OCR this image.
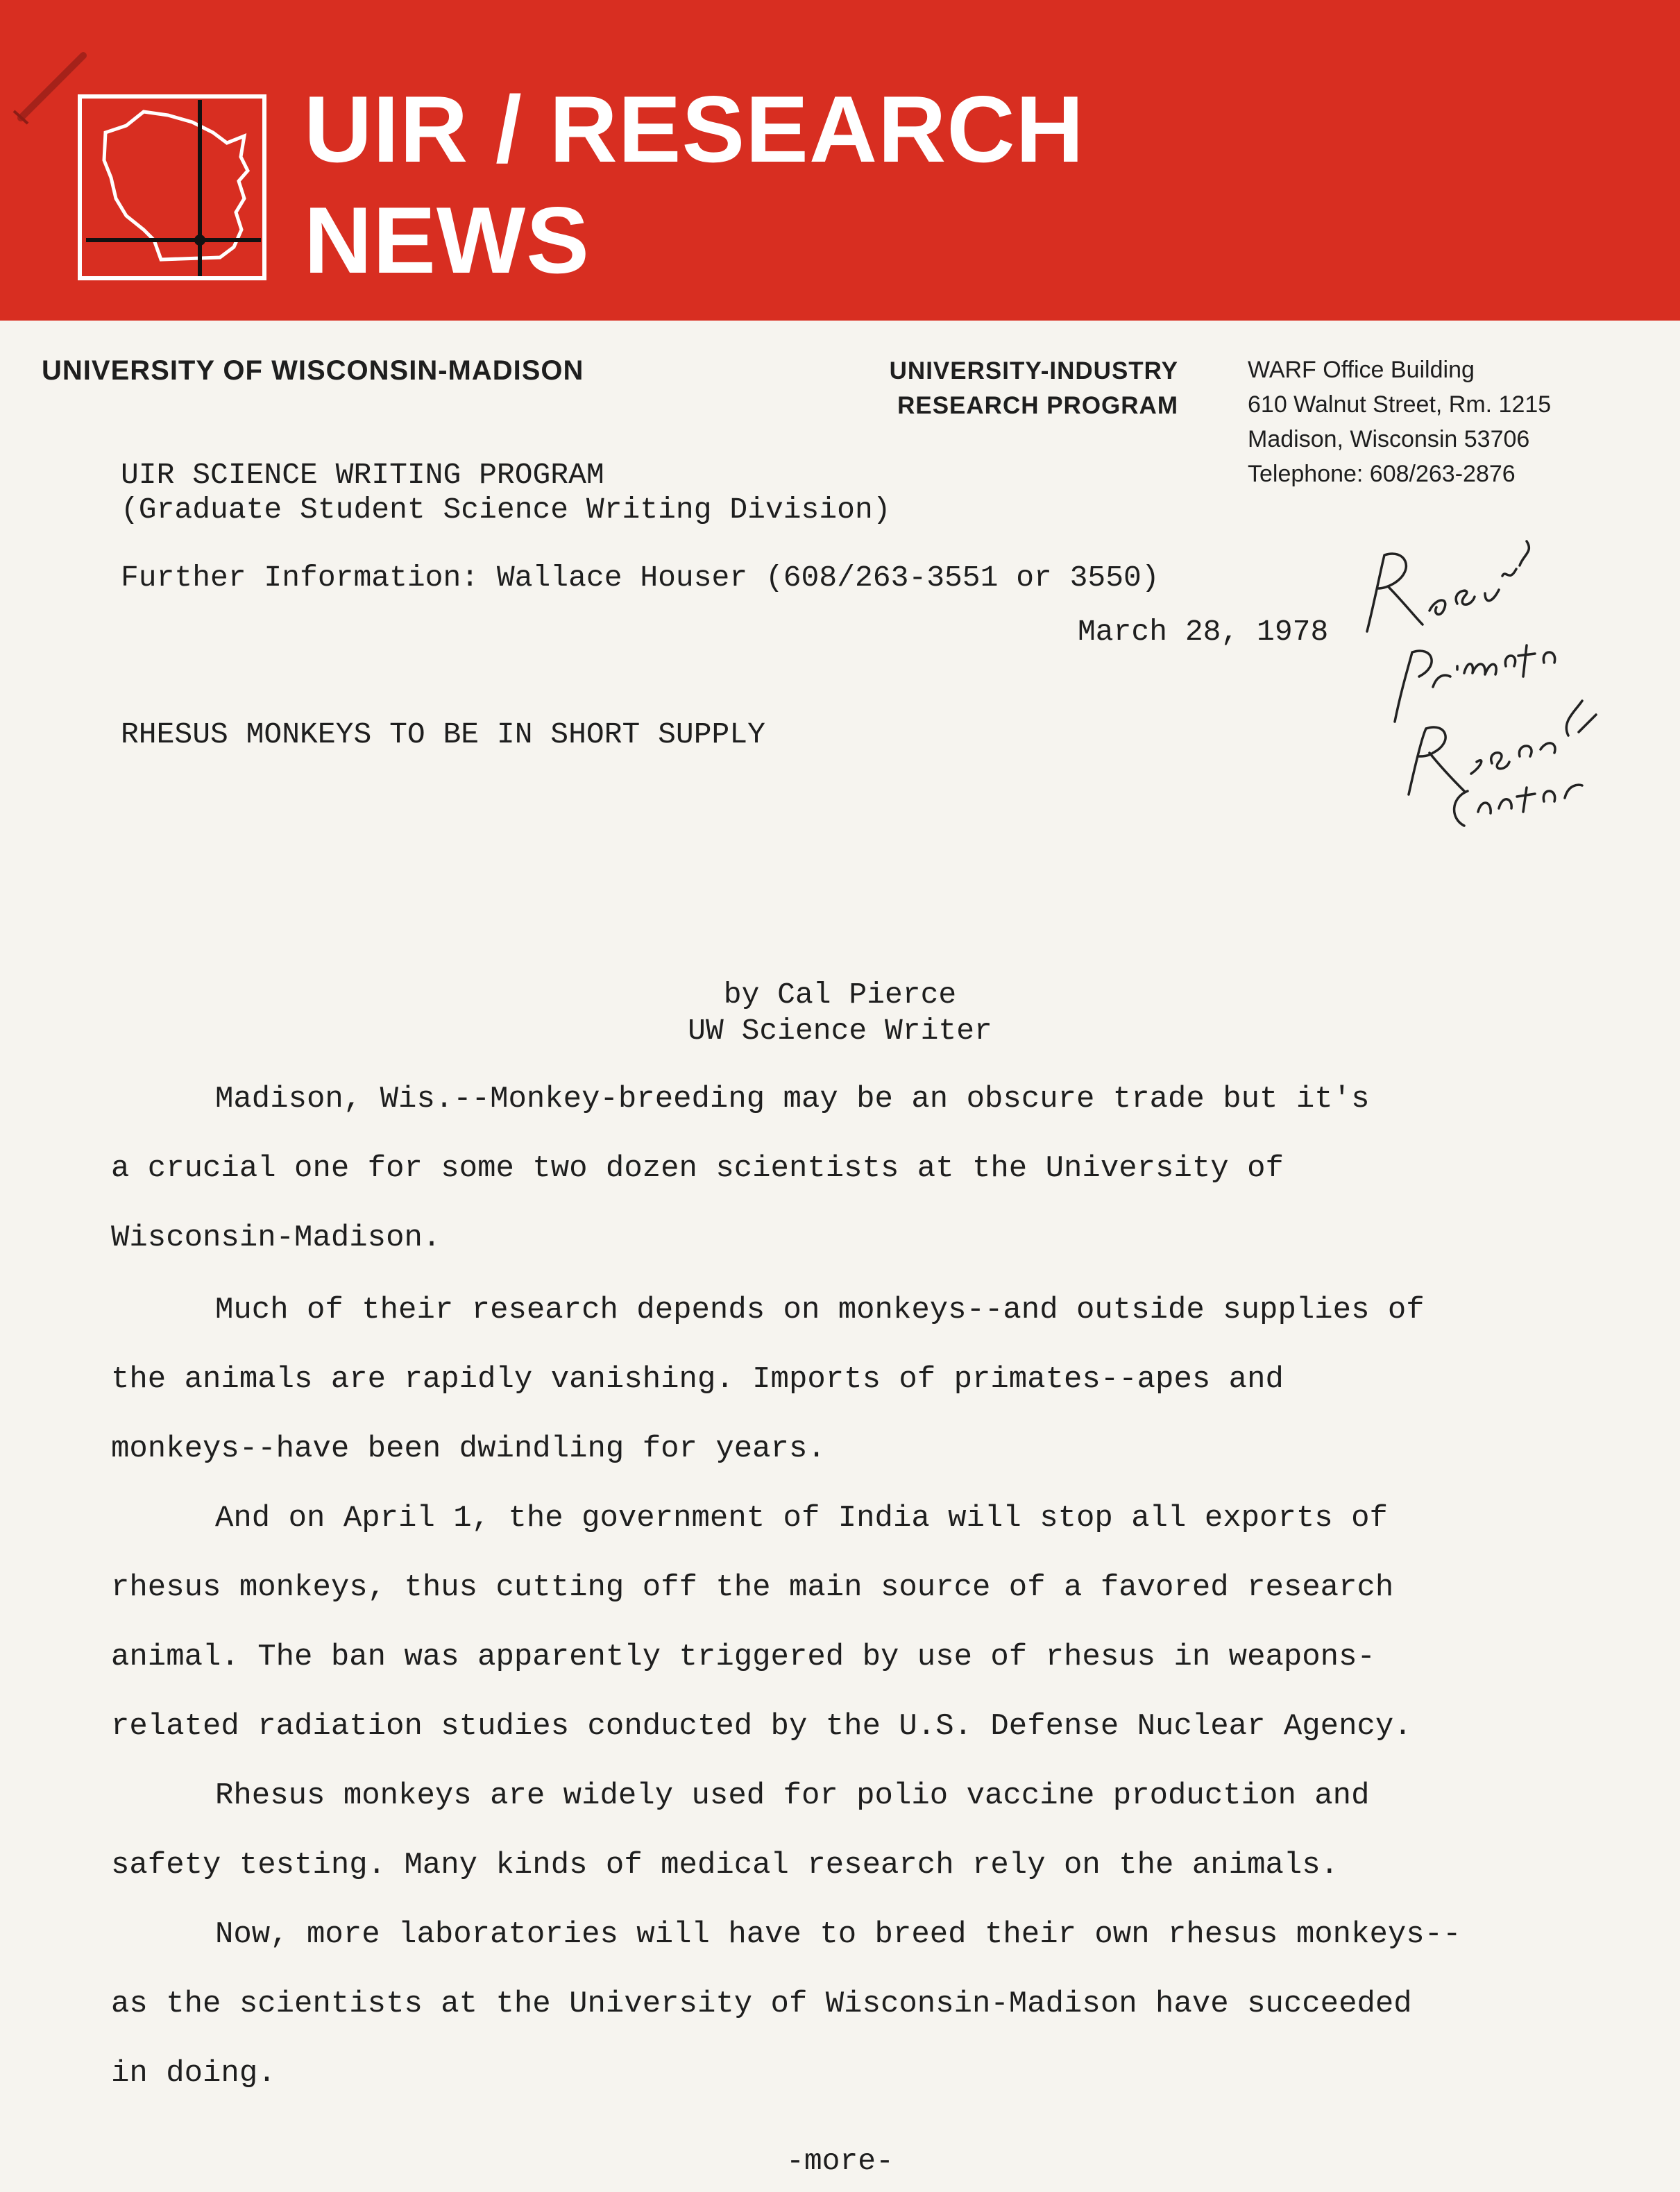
UIR / RESEARCH
NEWS
UNIVERSITY OF WISCONSIN-MADISON	UNIVERSITY-INDUSTRY
RESEARCH PROGRAM
WARF Office Building
610 Walnut Street, Rm. 1215
Madison, Wisconsin 53706
Telephone: 608/263-2876
UIR SCIENCE WRITING PROGRAM
(Graduate Student Science Writing Division)
Further Information: Wallace Houser (608/263-3551 or 3550)
March 28, 1978
RHESUS MONKEYS TO BE IN SHORT SUPPLY
by Cal Pierce
UW Science Writer
Madison, Wis.--Monkey-breeding may be an obscure trade but it's
a crucial one for some two dozen scientists at the University of
Wisconsin-Madison.
Much of their research depends on monkeys--and outside supplies of
the animals are rapidly vanishing. Imports of primates--apes and
monkeys--have been dwindling for years.
And on April 1, the government of India will stop all exports of
rhesus monkeys, thus cutting off the main source of a favored research
animal. The ban was apparently triggered by use of rhesus in weapons-
related radiation studies conducted by the U.S. Defense Nuclear Agency.
Rhesus monkeys are widely used for polio vaccine production and
safety testing. Many kinds of medical research rely on the animals.
Now, more laboratories will have to breed their own rhesus monkeys--
as the scientists at the University of Wisconsin-Madison have succeeded
in doing.
-more-
